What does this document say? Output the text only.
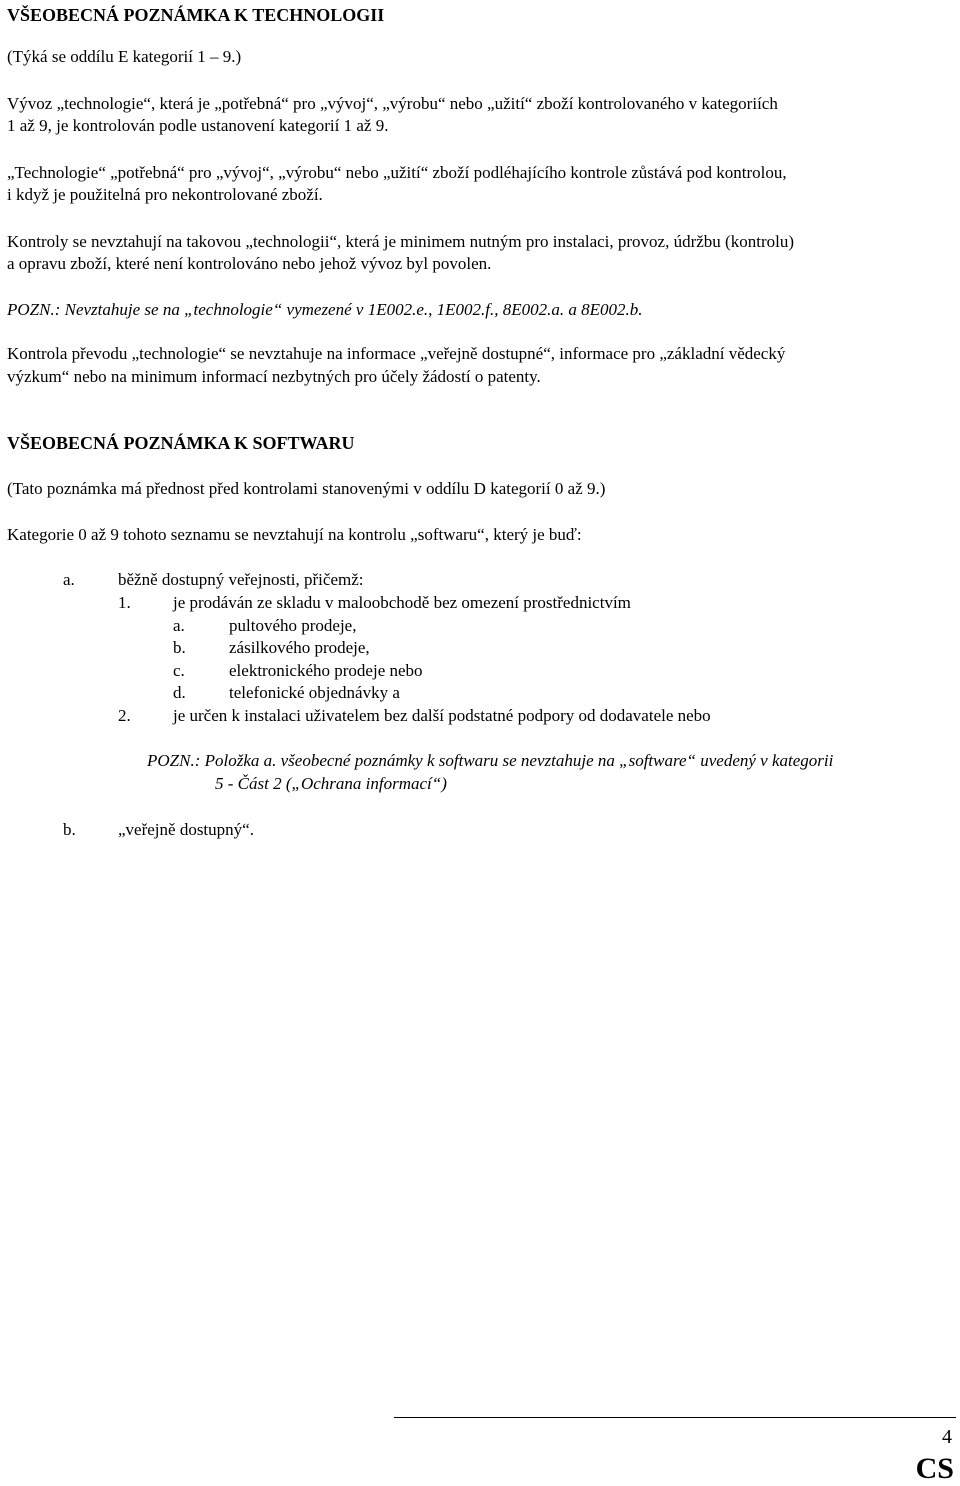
VŠEOBECNÁ POZNÁMKA K TECHNOLOGII
(Týká se oddílu E kategorií 1 – 9.)
Vývoz „technologie“, která je „potřebná“ pro „vývoj“, „výrobu“ nebo „užití“ zboží kontrolovaného v kategoriích
1 až 9, je kontrolován podle ustanovení kategorií 1 až 9.
„Technologie“ „potřebná“ pro „vývoj“, „výrobu“ nebo „užití“ zboží podléhajícího kontrole zůstává pod kontrolou,
i když je použitelná pro nekontrolované zboží.
Kontroly se nevztahují na takovou „technologii“, která je minimem nutným pro instalaci, provoz, údržbu (kontrolu)
a opravu zboží, které není kontrolováno nebo jehož vývoz byl povolen.
POZN.: Nevztahuje se na „technologie“ vymezené v 1E002.e., 1E002.f., 8E002.a. a 8E002.b.
Kontrola převodu „technologie“ se nevztahuje na informace „veřejně dostupné“, informace pro „základní vědecký
výzkum“ nebo na minimum informací nezbytných pro účely žádostí o patenty.
VŠEOBECNÁ POZNÁMKA K SOFTWARU
(Tato poznámka má přednost před kontrolami stanovenými v oddílu D kategorií 0 až 9.)
Kategorie 0 až 9 tohoto seznamu se nevztahují na kontrolu „softwaru“, který je buď:
a.	běžně dostupný veřejnosti, přičemž:
1. je prodáván ze skladu v maloobchodě bez omezení prostřednictvím
a.	pultového prodeje,
b.	zásilkového prodeje,
c.	elektronického prodeje nebo
d.	telefonické objednávky a
2. je určen k instalaci uživatelem bez další podstatné podpory od dodavatele nebo
POZN.: Položka a. všeobecné poznámky k softwaru se nevztahuje na „software“ uvedený v kategorii
5 - Část 2 („Ochrana informací“)
b. „veřejně dostupný“.
4
CS
